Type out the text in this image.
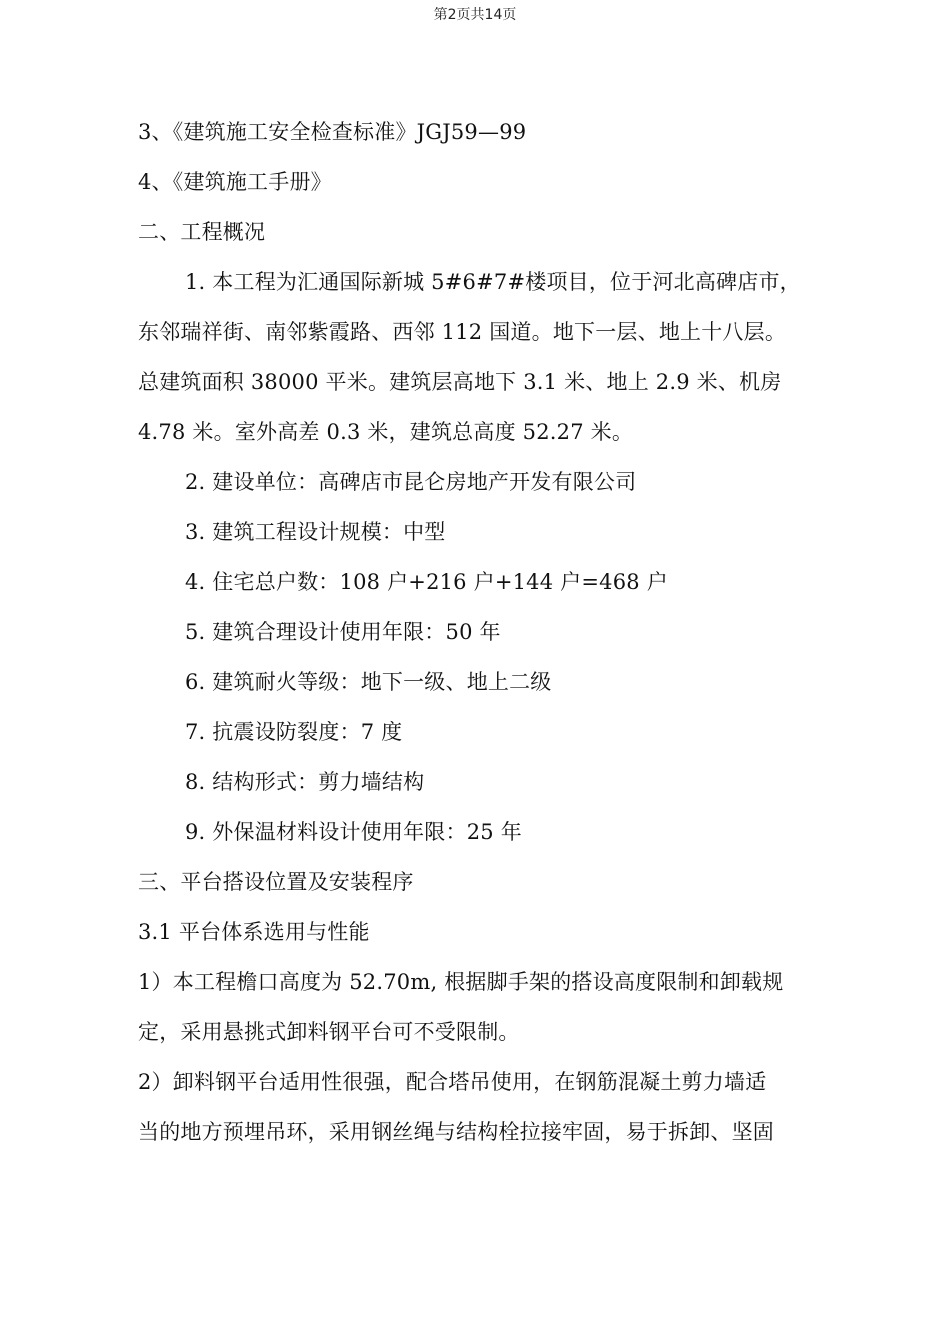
第2页共14页
3、《建筑施工安全检查标准》JGJ59—99
4、《建筑施工手册》
二、工程概况
1. 本工程为汇通国际新城 5#6#7#楼项目，位于河北高碑店市，
东邻瑞祥街、南邻紫霞路、西邻 112 国道。地下一层、地上十八层。
总建筑面积 38000 平米。建筑层高地下 3.1 米、地上 2.9 米、机房
4.78 米。室外高差 0.3 米，建筑总高度 52.27 米。
2. 建设单位：高碑店市昆仑房地产开发有限公司
3. 建筑工程设计规模：中型
4. 住宅总户数：108 户+216 户+144 户=468 户
5. 建筑合理设计使用年限：50 年
6. 建筑耐火等级：地下一级、地上二级
7. 抗震设防裂度：7 度
8. 结构形式：剪力墙结构
9. 外保温材料设计使用年限：25 年
三、平台搭设位置及安装程序
3.1 平台体系选用与性能
1）本工程檐口高度为 52.70m, 根据脚手架的搭设高度限制和卸载规
定，采用悬挑式卸料钢平台可不受限制。
2）卸料钢平台适用性很强，配合塔吊使用，在钢筋混凝土剪力墙适
当的地方预埋吊环，采用钢丝绳与结构栓拉接牢固，易于拆卸、坚固
